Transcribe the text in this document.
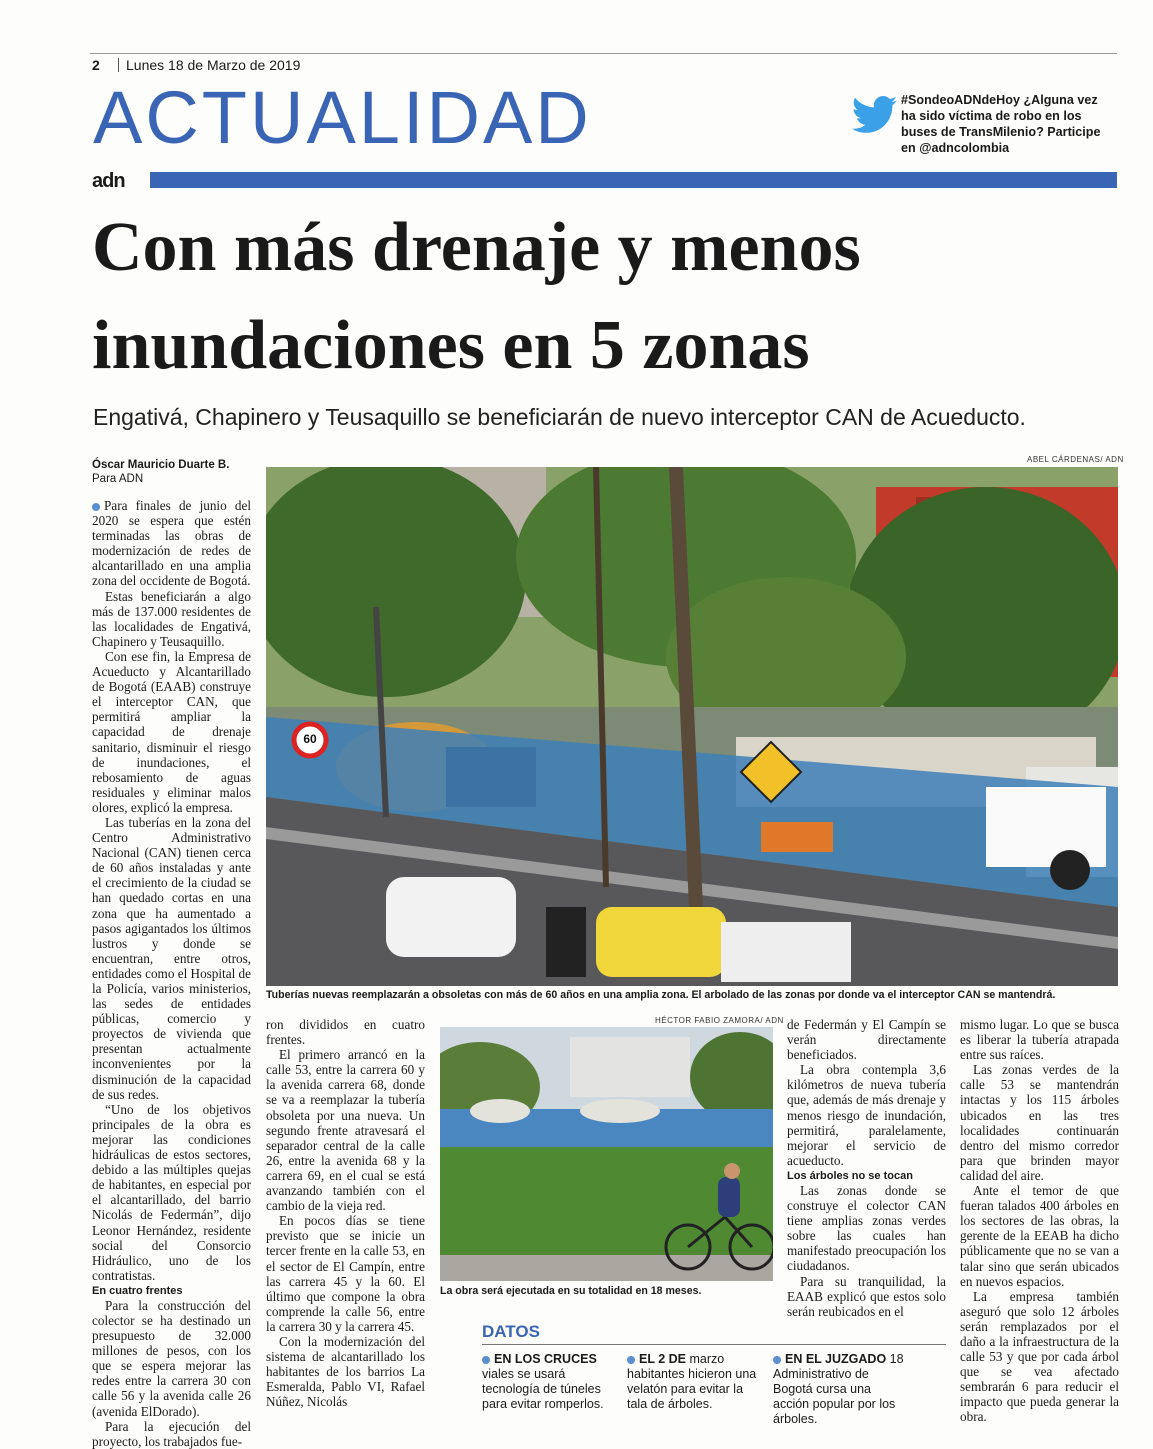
2 Lunes 18 de Marzo de 2019
ACTUALIDAD	#SondeoADNdeHoy ¿Alguna vez ha sido víctima de robo en los buses de TransMilenio? Participe en @adncolombia
adn
Con más drenaje y menos
inundaciones en 5 zonas
Engativá, Chapinero y Teusaquillo se beneficiarán de nuevo interceptor CAN de Acueducto.
Óscar Mauricio Duarte B.
Para ADN
ABEL CÁRDENAS/ ADN
60
Tuberías nuevas reemplazarán a obsoletas con más de 60 años en una amplia zona. El arbolado de las zonas por donde va el interceptor CAN se mantendrá.

Para finales de junio del 2020 se espera que estén terminadas las obras de modernización de redes de alcantarillado en una amplia zona del occidente de Bogotá.

Estas beneficiarán a algo más de 137.000 residentes de las localidades de Engativá, Chapinero y Teusaquillo.

Con ese fin, la Empresa de Acueducto y Alcantarillado de Bogotá (EAAB) construye el interceptor CAN, que permitirá ampliar la capacidad de drenaje sanitario, disminuir el riesgo de inundaciones, el rebosamiento de aguas residuales y eliminar malos olores, explicó la empresa.

Las tuberías en la zona del Centro Administrativo Nacional (CAN) tienen cerca de 60 años instaladas y ante el crecimiento de la ciudad se han quedado cortas en una zona que ha aumentado a pasos agigantados los últimos lustros y donde se encuentran, entre otros, entidades como el Hospital de la Policía, varios ministerios, las sedes de entidades públicas, comercio y proyectos de vivienda que presentan actualmente inconvenientes por la disminución de la capacidad de sus redes.

“Uno de los objetivos principales de la obra es mejorar las condiciones hidráulicas de estos sectores, debido a las múltiples quejas de habitantes, en especial por el alcantarillado, del barrio Nicolás de Federmán”, dijo Leonor Hernández, residente social del Consorcio Hidráulico, uno de los contratistas.

En cuatro frentes

Para la construcción del colector se ha destinado un presupuesto de 32.000 millones de pesos, con los que se espera mejorar las redes entre la carrera 30 con calle 56 y la avenida calle 26 (avenida ElDorado).

Para la ejecución del proyecto, los trabajados fue-

ron divididos en cuatro frentes.

El primero arrancó en la calle 53, entre la carrera 60 y la avenida carrera 68, donde se va a reemplazar la tubería obsoleta por una nueva. Un segundo frente atravesará el separador central de la calle 26, entre la avenida 68 y la carrera 69, en el cual se está avanzando también con el cambio de la vieja red.

En pocos días se tiene previsto que se inicie un tercer frente en la calle 53, en el sector de El Campín, entre las carrera 45 y la 60. El último que compone la obra comprende la calle 56, entre la carrera 30 y la carrera 45.

Con la modernización del sistema de alcantarillado los habitantes de los barrios La Esmeralda, Pablo VI, Rafael Núñez, Nicolás

HÉCTOR FABIO ZAMORA/ ADN
La obra será ejecutada en su totalidad en 18 meses.

de Federmán y El Campín se verán directamente beneficiados.

La obra contempla 3,6 kilómetros de nueva tubería que, además de más drenaje y menos riesgo de inundación, permitirá, paralelamente, mejorar el servicio de acueducto.

Los árboles no se tocan

Las zonas donde se construye el colector CAN tiene amplias zonas verdes sobre las cuales han manifestado preocupación los ciudadanos.

Para su tranquilidad, la EAAB explicó que estos solo serán reubicados en el

mismo lugar. Lo que se busca es liberar la tubería atrapada entre sus raíces.

Las zonas verdes de la calle 53 se mantendrán intactas y los 115 árboles ubicados en las tres localidades continuarán dentro del mismo corredor para que brinden mayor calidad del aire.

Ante el temor de que fueran talados 400 árboles en los sectores de las obras, la gerente de la EEAB ha dicho públicamente que no se van a talar sino que serán ubicados en nuevos espacios.

La empresa también aseguró que solo 12 árboles serán remplazados por el daño a la infraestructura de la calle 53 y que por cada árbol que se vea afectado sembrarán 6 para reducir el impacto que pueda generar la obra.

DATOS
EN LOS CRUCES viales se usará tecnología de túneles para evitar romperlos.
EL 2 DE marzo habitantes hicieron una velatón para evitar la tala de árboles.
EN EL JUZGADO 18 Administrativo de Bogotá cursa una acción popular por los árboles.
